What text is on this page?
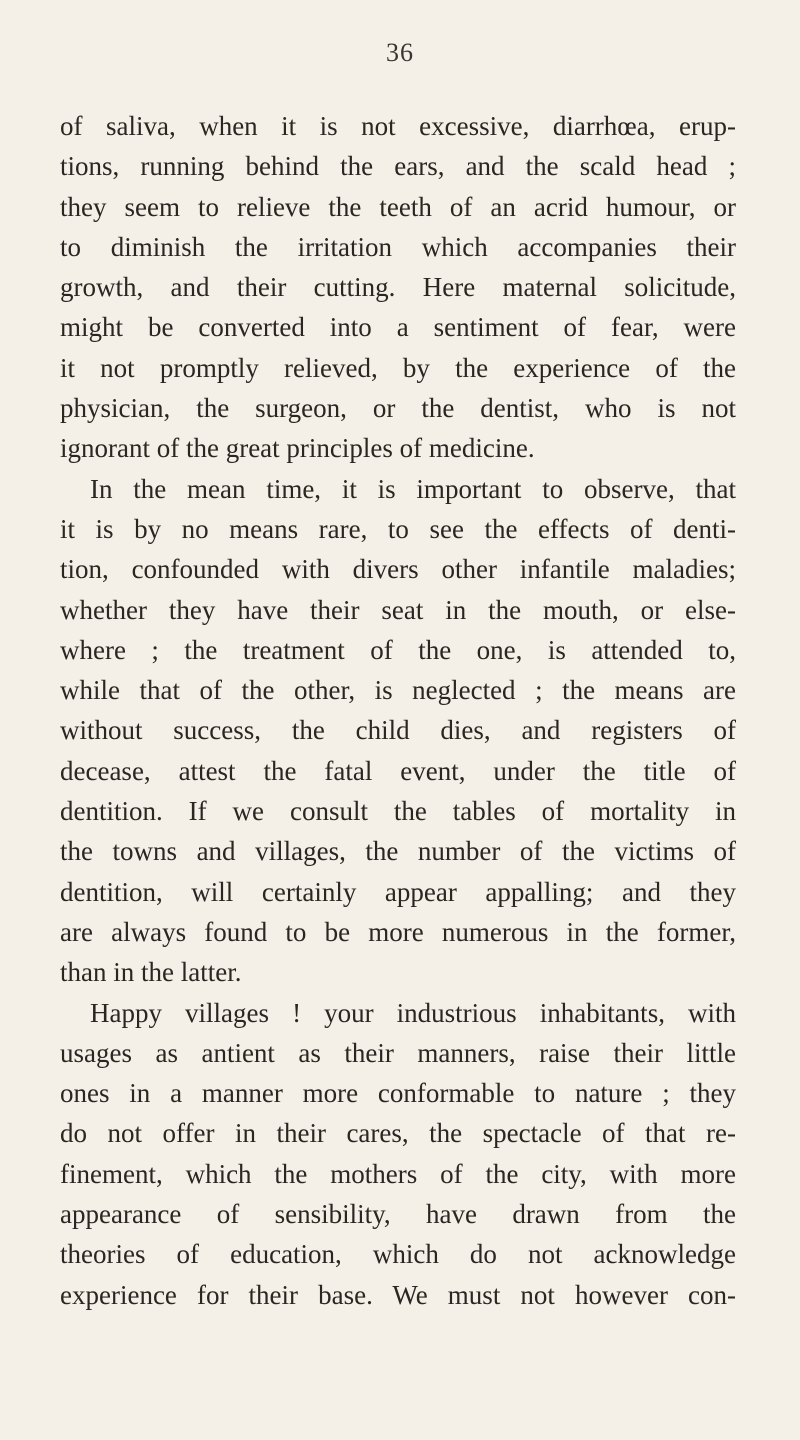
36
of saliva, when it is not excessive, diarrhœa, erup-
tions, running behind the ears, and the scald head ;
they seem to relieve the teeth of an acrid humour, or
to diminish the irritation which accompanies their
growth, and their cutting. Here maternal solicitude,
might be converted into a sentiment of fear, were
it not promptly relieved, by the experience of the
physician, the surgeon, or the dentist, who is not
ignorant of the great principles of medicine.
In the mean time, it is important to observe, that
it is by no means rare, to see the effects of denti-
tion, confounded with divers other infantile maladies;
whether they have their seat in the mouth, or else-
where ; the treatment of the one, is attended to,
while that of the other, is neglected ; the means are
without success, the child dies, and registers of
decease, attest the fatal event, under the title of
dentition. If we consult the tables of mortality in
the towns and villages, the number of the victims of
dentition, will certainly appear appalling; and they
are always found to be more numerous in the former,
than in the latter.
Happy villages ! your industrious inhabitants, with
usages as antient as their manners, raise their little
ones in a manner more conformable to nature ; they
do not offer in their cares, the spectacle of that re-
finement, which the mothers of the city, with more
appearance of sensibility, have drawn from the
theories of education, which do not acknowledge
experience for their base. We must not however con-
